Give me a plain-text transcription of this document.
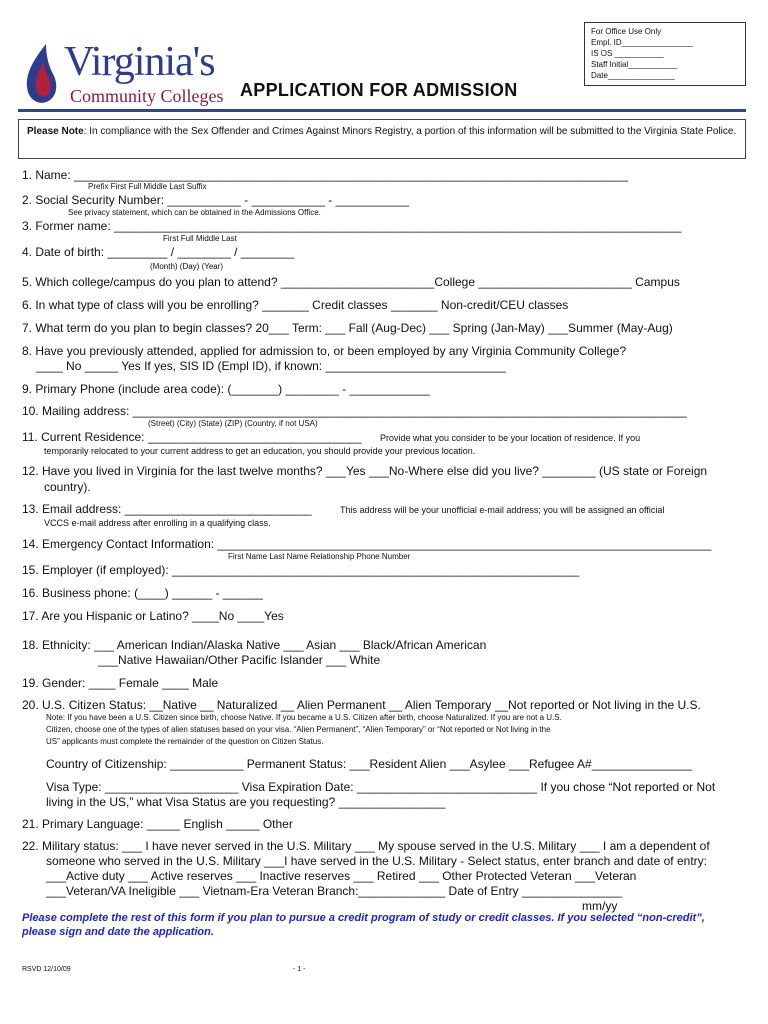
Virginia's
Community Colleges APPLICATION FOR ADMISSION
For Office Use Only
Empl. ID________________
IS OS ___________
Staff Initial___________
Date_______________
Please Note: In compliance with the Sex Offender and Crimes Against Minors Registry, a portion of this information will be submitted to the Virginia State Police.
1. Name: ___________________________________________________________________________________
Prefix First Full Middle Last Suffix
2. Social Security Number: ___________ - ___________ - ___________
See privacy statement, which can be obtained in the Admissions Office.
3. Former name: _____________________________________________________________________________________
First Full Middle Last
4. Date of birth: _________ / ________ / ________
(Month) (Day) (Year)
5. Which college/campus do you plan to attend? _______________________College _______________________ Campus
6. In what type of class will you be enrolling? _______ Credit classes _______ Non-credit/CEU classes
7. What term do you plan to begin classes? 20___ Term: ___ Fall (Aug-Dec) ___ Spring (Jan-May) ___Summer (May-Aug)
8. Have you previously attended, applied for admission to, or been employed by any Virginia Community College?
____ No _____ Yes If yes, SIS ID (Empl ID), if known: ___________________________
9. Primary Phone (include area code): (_______) ________ - ____________
10. Mailing address: ___________________________________________________________________________________
(Street) (City) (State) (ZIP) (Country, if not USA)
11. Current Residence: ________________________________ Provide what you consider to be your location of residence. If you
temporarily relocated to your current address to get an education, you should provide your previous location.
12. Have you lived in Virginia for the last twelve months? ___Yes ___No-Where else did you live? ________ (US state or Foreign
country).
13. Email address: ____________________________	This address will be your unofficial e-mail address; you will be assigned an official
VCCS e-mail address after enrolling in a qualifying class.
14. Emergency Contact Information: __________________________________________________________________________
First Name Last Name Relationship Phone Number
15. Employer (if employed): _____________________________________________________________
16. Business phone: (____) ______ - ______
17. Are you Hispanic or Latino? ____No ____Yes
18. Ethnicity: ___ American Indian/Alaska Native ___ Asian ___ Black/African American
___Native Hawaiian/Other Pacific Islander ___ White
19. Gender: ____ Female ____ Male
20. U.S. Citizen Status: __Native __ Naturalized __ Alien Permanent __ Alien Temporary __Not reported or Not living in the U.S.
Note: If you have been a U.S. Citizen since birth, choose Native. If you became a U.S. Citizen after birth, choose Naturalized. If you are not a U.S.
Citizen, choose one of the types of alien statuses based on your visa. “Alien Permanent”, “Alien Temporary” or “Not reported or Not living in the
US” applicants must complete the remainder of the question on Citizen Status.
Country of Citizenship: ___________ Permanent Status: ___Resident Alien ___Asylee ___Refugee A#_______________
Visa Type: ____________________ Visa Expiration Date: ___________________________ If you chose “Not reported or Not
living in the US,” what Visa Status are you requesting? ________________
21. Primary Language: _____ English _____ Other
22. Military status: ___ I have never served in the U.S. Military ___ My spouse served in the U.S. Military ___ I am a dependent of
someone who served in the U.S. Military ___I have served in the U.S. Military - Select status, enter branch and date of entry:
___Active duty ___ Active reserves ___ Inactive reserves ___ Retired ___ Other Protected Veteran ___Veteran
___Veteran/VA Ineligible ___ Vietnam-Era Veteran Branch:_____________ Date of Entry _______________
mm/yy
Please complete the rest of this form if you plan to pursue a credit program of study or credit classes. If you selected “non-credit”,
please sign and date the application.
RSVD 12/10/09	- 1 -
